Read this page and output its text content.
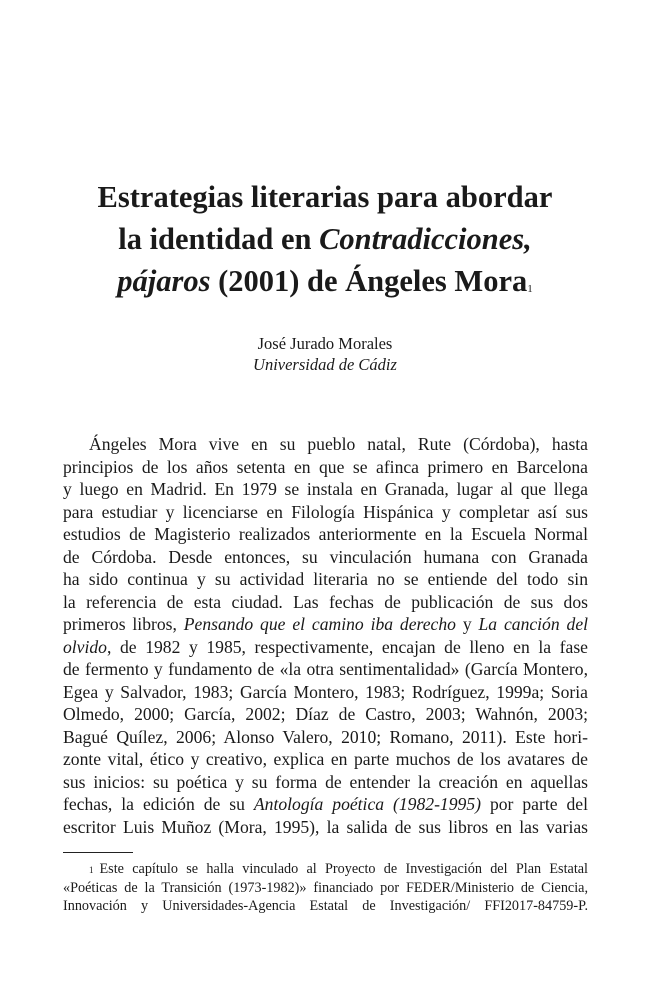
Estrategias literarias para abordar
la identidad en Contradicciones,
pájaros (2001) de Ángeles Mora$^1$
José Jurado Morales
Universidad de Cádiz
Ángeles Mora vive en su pueblo natal, Rute (Córdoba), hasta
principios de los años setenta en que se afinca primero en Barcelona
y luego en Madrid. En 1979 se instala en Granada, lugar al que llega
para estudiar y licenciarse en Filología Hispánica y completar así sus
estudios de Magisterio realizados anteriormente en la Escuela Normal
de Córdoba. Desde entonces, su vinculación humana con Granada
ha sido continua y su actividad literaria no se entiende del todo sin
la referencia de esta ciudad. Las fechas de publicación de sus dos
primeros libros, Pensando que el camino iba derecho y La canción del
olvido, de 1982 y 1985, respectivamente, encajan de lleno en la fase
de fermento y fundamento de «la otra sentimentalidad» (García Montero,
Egea y Salvador, 1983; García Montero, 1983; Rodríguez, 1999a; Soria
Olmedo, 2000; García, 2002; Díaz de Castro, 2003; Wahnón, 2003;
Bagué Quílez, 2006; Alonso Valero, 2010; Romano, 2011). Este hori-
zonte vital, ético y creativo, explica en parte muchos de los avatares de
sus inicios: su poética y su forma de entender la creación en aquellas
fechas, la edición de su Antología poética (1982-1995) por parte del
escritor Luis Muñoz (Mora, 1995), la salida de sus libros en las varias
$^1$ Este capítulo se halla vinculado al Proyecto de Investigación del Plan Estatal
«Poéticas de la Transición (1973-1982)» financiado por FEDER/Ministerio de Ciencia,
Innovación y Universidades-Agencia Estatal de Investigación/ FFI2017-84759-P.
